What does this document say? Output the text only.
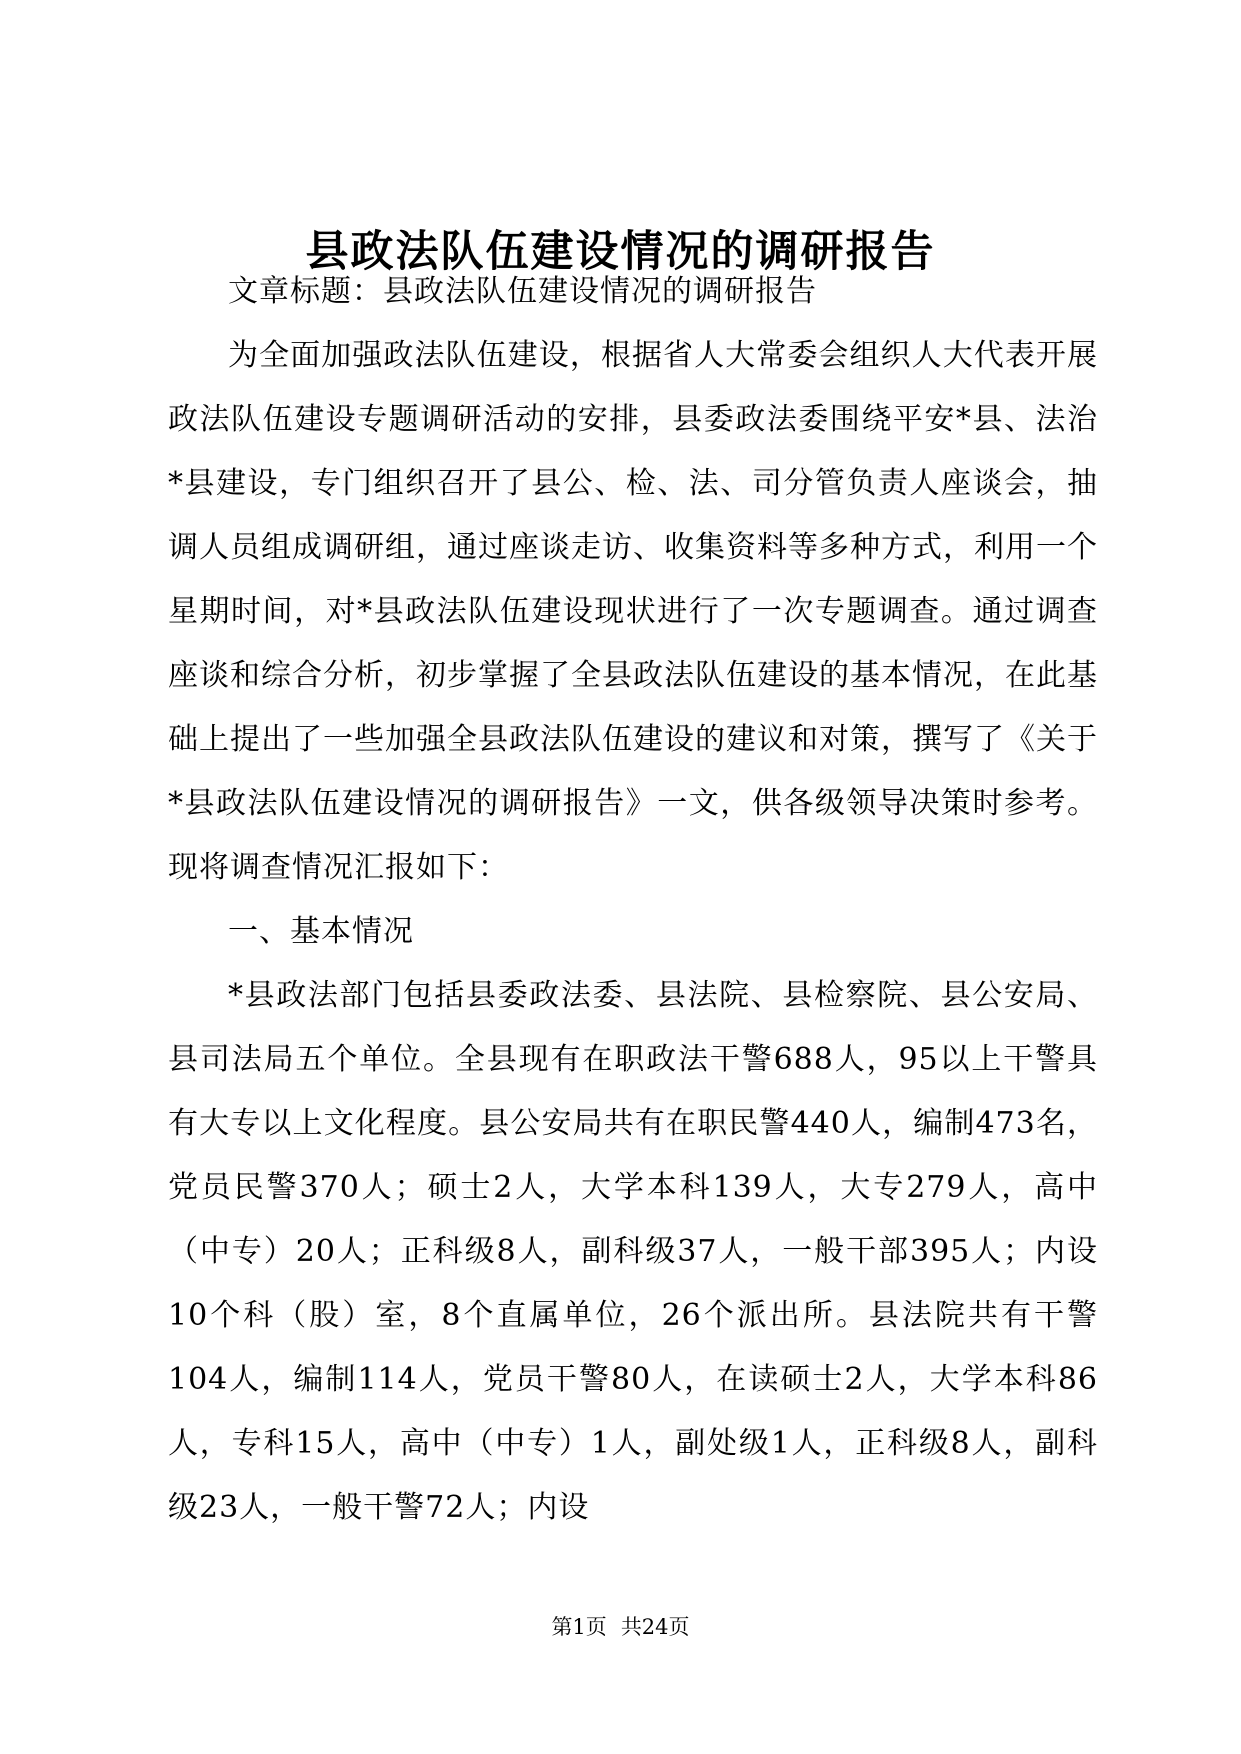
县政法队伍建设情况的调研报告

文章标题：县政法队伍建设情况的调研报告

为全面加强政法队伍建设，根据省人大常委会组织人大代表开展政法队伍建设专题调研活动的安排，县委政法委围绕平安*县、法治*县建设，专门组织召开了县公、检、法、司分管负责人座谈会，抽调人员组成调研组，通过座谈走访、收集资料等多种方式，利用一个星期时间，对*县政法队伍建设现状进行了一次专题调查。通过调查座谈和综合分析，初步掌握了全县政法队伍建设的基本情况，在此基础上提出了一些加强全县政法队伍建设的建议和对策，撰写了《关于*县政法队伍建设情况的调研报告》一文，供各级领导决策时参考。现将调查情况汇报如下：

一、基本情况

*县政法部门包括县委政法委、县法院、县检察院、县公安局、县司法局五个单位。全县现有在职政法干警688人，95以上干警具有大专以上文化程度。县公安局共有在职民警440人，编制473名，党员民警370人；硕士2人，大学本科139人，大专279人，高中（中专）20人；正科级8人，副科级37人，一般干部395人；内设10个科（股）室，8个直属单位，26个派出所。县法院共有干警104人，编制114人，党员干警80人，在读硕士2人，大学本科86人，专科15人，高中（中专）1人，副处级1人，正科级8人，副科级23人，一般干警72人；内设

第1页 共24页
